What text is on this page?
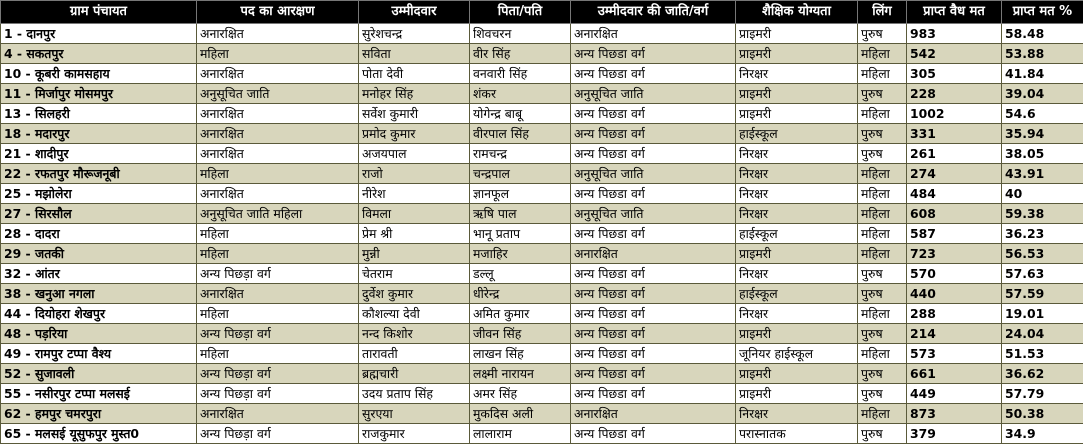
ग्राम पंचायत	पद का आरक्षण	उम्मीदवार	पिता/पति	उम्मीदवार की जाति/वर्ग	शैक्षिक योग्यता	लिंग	प्राप्त वैध मत	प्राप्त मत %
1 - दानपुर	अनारक्षित	सुरेशचन्द्र	शिवचरन	अनारक्षित	प्राइमरी	पुरुष	983	58.48
4 - सकतपुर	महिला	सविता	वीर सिंह	अन्य पिछडा वर्ग	प्राइमरी	महिला	542	53.88
10 - कूबरी कामसहाय	अनारक्षित	पोता देवी	वनवारी सिंह	अन्य पिछडा वर्ग	निरक्षर	महिला	305	41.84
11 - मिर्जापुर मोसमपुर	अनुसूचित जाति	मनोहर सिंह	शंकर	अनुसूचित जाति	प्राइमरी	पुरुष	228	39.04
13 - सिलहरी	अनारक्षित	सर्वेश कुमारी	योगेन्द्र बाबू	अन्य पिछडा वर्ग	प्राइमरी	महिला	1002	54.6
18 - मदारपुर	अनारक्षित	प्रमोद कुमार	वीरपाल सिंह	अन्य पिछडा वर्ग	हाईस्कूल	पुरुष	331	35.94
21 - शादीपुर	अनारक्षित	अजयपाल	रामचन्द्र	अन्य पिछडा वर्ग	निरक्षर	पुरुष	261	38.05
22 - रफतपुर मौरूजनूबी	महिला	राजो	चन्द्रपाल	अनुसूचित जाति	निरक्षर	महिला	274	43.91
25 - मझोलेरा	अनारक्षित	नीरेश	ज्ञानफूल	अन्य पिछडा वर्ग	निरक्षर	महिला	484	40
27 - सिरसौल	अनुसूचित जाति महिला	विमला	ऋषि पाल	अनुसूचित जाति	निरक्षर	महिला	608	59.38
28 - दादरा	महिला	प्रेम श्री	भानू प्रताप	अन्य पिछडा वर्ग	हाईस्कूल	महिला	587	36.23
29 - जतकी	महिला	मुन्नी	मजाहिर	अनारक्षित	प्राइमरी	महिला	723	56.53
32 - आंतर	अन्य पिछड़ा वर्ग	चेतराम	डल्लू	अन्य पिछडा वर्ग	निरक्षर	पुरुष	570	57.63
38 - खनुआ नगला	अनारक्षित	दुर्वेश कुमार	धीरेन्द्र	अन्य पिछडा वर्ग	हाईस्कूल	पुरुष	440	57.59
44 - दियोहरा शेखपुर	महिला	कौशल्या देवी	अमित कुमार	अन्य पिछडा वर्ग	निरक्षर	महिला	288	19.01
48 - पड़रिया	अन्य पिछड़ा वर्ग	नन्द किशोर	जीवन सिंह	अन्य पिछडा वर्ग	प्राइमरी	पुरुष	214	24.04
49 - रामपुर टप्पा वैश्य	महिला	तारावती	लाखन सिंह	अन्य पिछडा वर्ग	जूनियर हाईस्कूल	महिला	573	51.53
52 - सुजावली	अन्य पिछड़ा वर्ग	ब्रह्मचारी	लक्ष्मी नारायन	अन्य पिछडा वर्ग	प्राइमरी	पुरुष	661	36.62
55 - नसीरपुर टप्पा मलसई	अन्य पिछड़ा वर्ग	उदय प्रताप सिंह	अमर सिंह	अन्य पिछडा वर्ग	प्राइमरी	पुरुष	449	57.79
62 - हमपुर चमरपुरा	अनारक्षित	सुरएया	मुकदिस अली	अनारक्षित	निरक्षर	महिला	873	50.38
65 - मलसई यूसुफपुर मुस्त0	अन्य पिछड़ा वर्ग	राजकुमार	लालाराम	अन्य पिछडा वर्ग	परास्नातक	पुरुष	379	34.9
